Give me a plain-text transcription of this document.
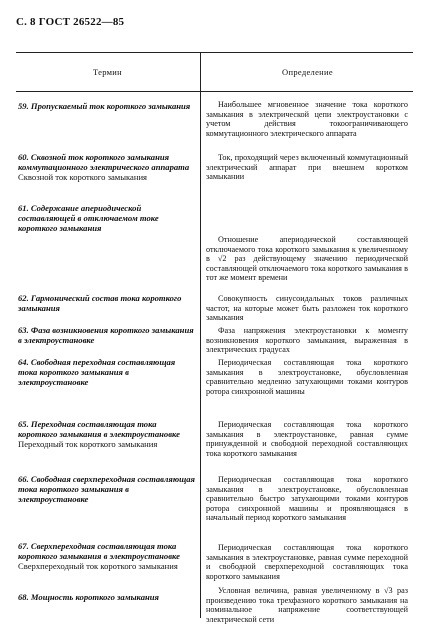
С. 8 ГОСТ 26522—85
Термин	Определение
59. Пропускаемый ток короткого замыкания	Наибольшее мгновенное значение тока короткого замыкания в электрической цепи электроустановки с учетом действия токоограничивающего коммутационного электрического аппарата
60. Сквозной ток короткого замыкания коммутационного электрического аппарата
Сквозной ток короткого замыкания
Ток, проходящий через включенный коммутационный электрический аппарат при внешнем коротком замыкании
61. Содержание апериодической составляющей в отключаемом токе короткого замыкания
Отношение апериодической составляющей отключаемого тока короткого замыкания к увеличенному в √2 раз действующему значению периодической составляющей отключаемого тока короткого замыкания в тот же момент времени
62. Гармонический состав тока короткого замыкания
Совокупность синусоидальных токов различных частот, на которые может быть разложен ток короткого замыкания
63. Фаза возникновения короткого замыкания в электроустановке
Фаза напряжения электроустановки к моменту возникновения короткого замыкания, выраженная в электрических градусах
64. Свободная переходная составляющая тока короткого замыкания в электроустановке
Периодическая составляющая тока короткого замыкания в электроустановке, обусловленная сравнительно медленно затухающими токами контуров ротора синхронной машины
65. Переходная составляющая тока короткого замыкания в электроустановке
Переходный ток короткого замыкания
Периодическая составляющая тока короткого замыкания в электроустановке, равная сумме принужденной и свободной переходной составляющих тока короткого замыкания
66. Свободная сверхпереходная составляющая тока короткого замыкания в электроустановке
Периодическая составляющая тока короткого замыкания в электроустановке, обусловленная сравнительно быстро затухающими токами контуров ротора синхронной машины и проявляющаяся в начальный период короткого замыкания
67. Сверхпереходная составляющая тока короткого замыкания в электроустановке
Сверхпереходный ток короткого замыкания
Периодическая составляющая тока короткого замыкания в электроустановке, равная сумме переходной и свободной сверхпереходной составляющих тока короткого замыкания
68. Мощность короткого замыкания
Условная величина, равная увеличенному в √3 раз произведению тока трехфазного короткого замыкания на номинальное напряжение соответствующей электрической сети
